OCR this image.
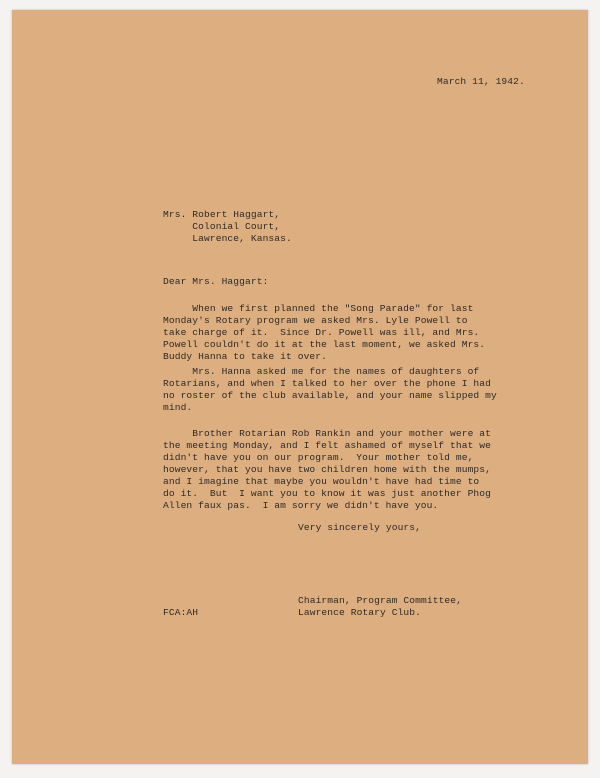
March 11, 1942.
Mrs. Robert Haggart,
Colonial Court,
Lawrence, Kansas.
Dear Mrs. Haggart:
When we first planned the "Song Parade" for last
Monday's Rotary program we asked Mrs. Lyle Powell to
take charge of it.  Since Dr. Powell was ill, and Mrs.
Powell couldn't do it at the last moment, we asked Mrs.
Buddy Hanna to take it over.
Mrs. Hanna asked me for the names of daughters of
Rotarians, and when I talked to her over the phone I had
no roster of the club available, and your name slipped my
mind.
Brother Rotarian Rob Rankin and your mother were at
the meeting Monday, and I felt ashamed of myself that we
didn't have you on our program.  Your mother told me,
however, that you have two children home with the mumps,
and I imagine that maybe you wouldn't have had time to
do it.  But  I want you to know it was just another Phog
Allen faux pas.  I am sorry we didn't have you.
Very sincerely yours,
Chairman, Program Committee,
Lawrence Rotary Club.
FCA:AH
